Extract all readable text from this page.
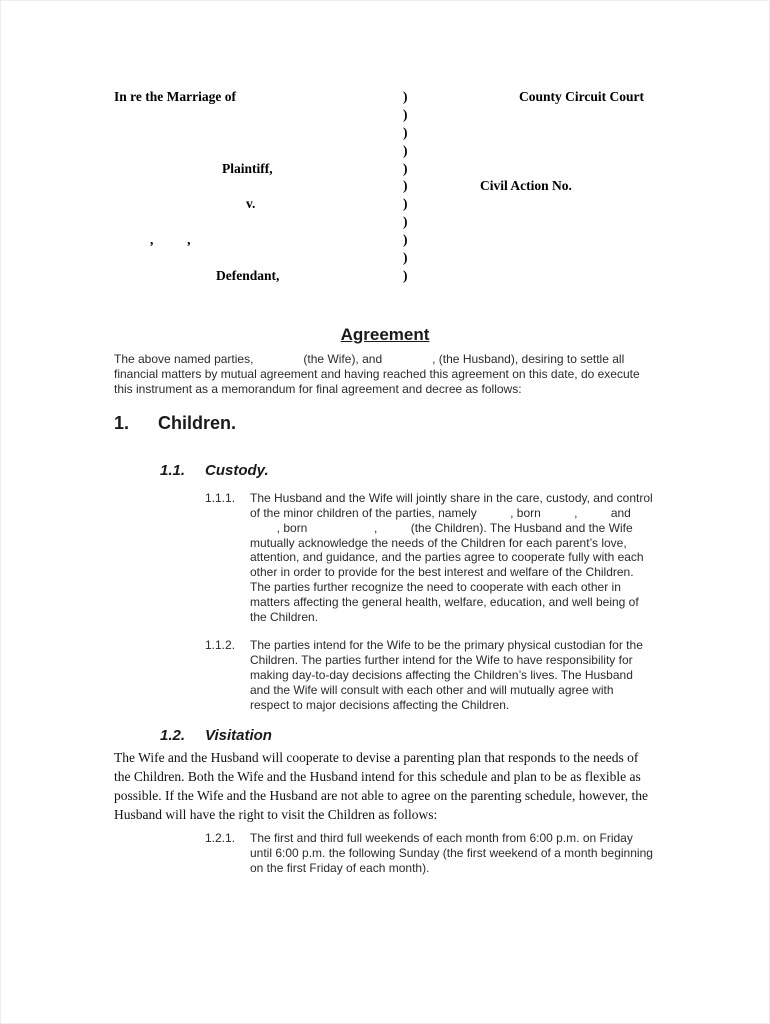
In re the Marriage of	)	County Circuit Court
)
)
)
Plaintiff,	)
)	Civil Action No.
v.	)
)
,          ,	)
)
Defendant,	)
Agreement

The above named parties,               (the Wife), and               , (the Husband), desiring to settle all financial matters by mutual agreement and having reached this agreement on this date, do execute this instrument as a memorandum for final agreement and decree as follows:

1.	Children.
1.1.	Custody.
1.1.1.	The Husband and the Wife will jointly share in the care, custody, and control of the minor children of the parties, namely          , born          ,          and         , born                    ,          (the Children). The Husband and the Wife mutually acknowledge the needs of the Children for each parent’s love, attention, and guidance, and the parties agree to cooperate fully with each other in order to provide for the best interest and welfare of the Children. The parties further recognize the need to cooperate with each other in matters affecting the general health, welfare, education, and well being of the Children.
1.1.2.	The parties intend for the Wife to be the primary physical custodian for the Children. The parties further intend for the Wife to have responsibility for making day-to-day decisions affecting the Children’s lives. The Husband and the Wife will consult with each other and will mutually agree with respect to major decisions affecting the Children.
1.2.	Visitation

The Wife and the Husband will cooperate to devise a parenting plan that responds to the needs of the Children. Both the Wife and the Husband intend for this schedule and plan to be as flexible as possible. If the Wife and the Husband are not able to agree on the parenting schedule, however, the Husband will have the right to visit the Children as follows:

1.2.1.	The first and third full weekends of each month from 6:00 p.m. on Friday until 6:00 p.m. the following Sunday (the first weekend of a month beginning on the first Friday of each month).
